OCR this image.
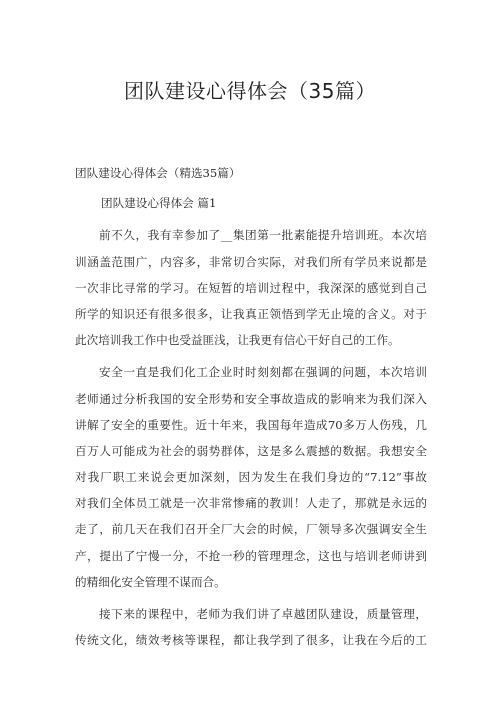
团队建设心得体会（35篇）
团队建设心得体会（精选35篇）
团队建设心得体会 篇1
前不久，我有幸参加了__集团第一批素能提升培训班。本次培
训涵盖范围广，内容多，非常切合实际，对我们所有学员来说都是
一次非比寻常的学习。在短暂的培训过程中，我深深的感觉到自己
所学的知识还有很多很多，让我真正领悟到学无止境的含义。对于
此次培训我工作中也受益匪浅，让我更有信心干好自己的工作。
安全一直是我们化工企业时时刻刻都在强调的问题，本次培训
老师通过分析我国的安全形势和安全事故造成的影响来为我们深入
讲解了安全的重要性。近十年来，我国每年造成70多万人伤残，几
百万人可能成为社会的弱势群体，这是多么震撼的数据。我想安全
对我厂职工来说会更加深刻，因为发生在我们身边的“7.12”事故
对我们全体员工就是一次非常惨痛的教训！人走了，那就是永远的
走了，前几天在我们召开全厂大会的时候，厂领导多次强调安全生
产，提出了宁慢一分，不抢一秒的管理理念，这也与培训老师讲到
的精细化安全管理不谋而合。
接下来的课程中，老师为我们讲了卓越团队建设，质量管理，
传统文化，绩效考核等课程，都让我学到了很多，让我在今后的工
